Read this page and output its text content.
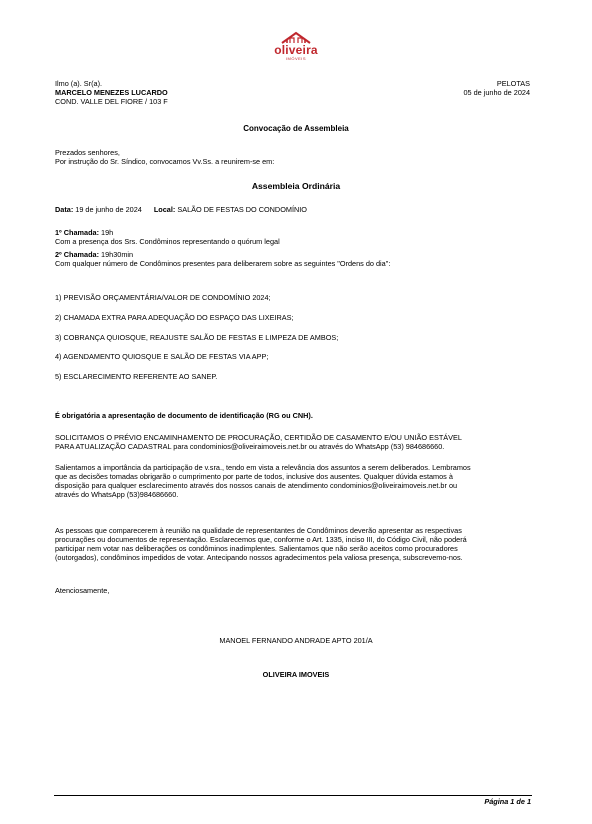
oliveira
IMÓVEIS
Ilmo (a). Sr(a).
MARCELO MENEZES LUCARDO
COND. VALLE DEL FIORE / 103 F
PELOTAS
05 de junho de 2024
Convocação de Assembleia
Prezados senhores,
Por instrução do Sr. Síndico, convocamos Vv.Ss. a reunirem-se em:
Assembleia Ordinária
Data: 19 de junho de 2024 Local: SALÃO DE FESTAS DO CONDOMÍNIO
1º Chamada: 19h
Com a presença dos Srs. Condôminos representando o quórum legal
2º Chamada: 19h30min
Com qualquer número de Condôminos presentes para deliberarem sobre as seguintes "Ordens do dia":
1) PREVISÃO ORÇAMENTÁRIA/VALOR DE CONDOMÍNIO 2024;
2) CHAMADA EXTRA PARA ADEQUAÇÃO DO ESPAÇO DAS LIXEIRAS;
3) COBRANÇA QUIOSQUE, REAJUSTE SALÃO DE FESTAS E LIMPEZA DE AMBOS;
4) AGENDAMENTO QUIOSQUE E SALÃO DE FESTAS VIA APP;
5) ESCLARECIMENTO REFERENTE AO SANEP.
É obrigatória a apresentação de documento de identificação (RG ou CNH).
SOLICITAMOS O PRÉVIO ENCAMINHAMENTO DE PROCURAÇÃO, CERTIDÃO DE CASAMENTO E/OU UNIÃO ESTÁVEL
PARA ATUALIZAÇÃO CADASTRAL para condominios@oliveiraimoveis.net.br ou através do WhatsApp (53) 984686660.
Salientamos a importância da participação de v.sra., tendo em vista a relevância dos assuntos a serem deliberados. Lembramos
que as decisões tomadas obrigarão o cumprimento por parte de todos, inclusive dos ausentes. Qualquer dúvida estamos à
disposição para qualquer esclarecimento através dos nossos canais de atendimento condominios@oliveiraimoveis.net.br ou
através do WhatsApp (53)984686660.
As pessoas que comparecerem à reunião na qualidade de representantes de Condôminos deverão apresentar as respectivas
procurações ou documentos de representação. Esclarecemos que, conforme o Art. 1335, inciso III, do Código Civil, não poderá
participar nem votar nas deliberações os condôminos inadimplentes. Salientamos que não serão aceitos como procuradores
(outorgados), condôminos impedidos de votar. Antecipando nossos agradecimentos pela valiosa presença, subscrevemo-nos.
Atenciosamente,
MANOEL FERNANDO ANDRADE APTO 201/A
OLIVEIRA IMOVEIS
Página 1 de 1
